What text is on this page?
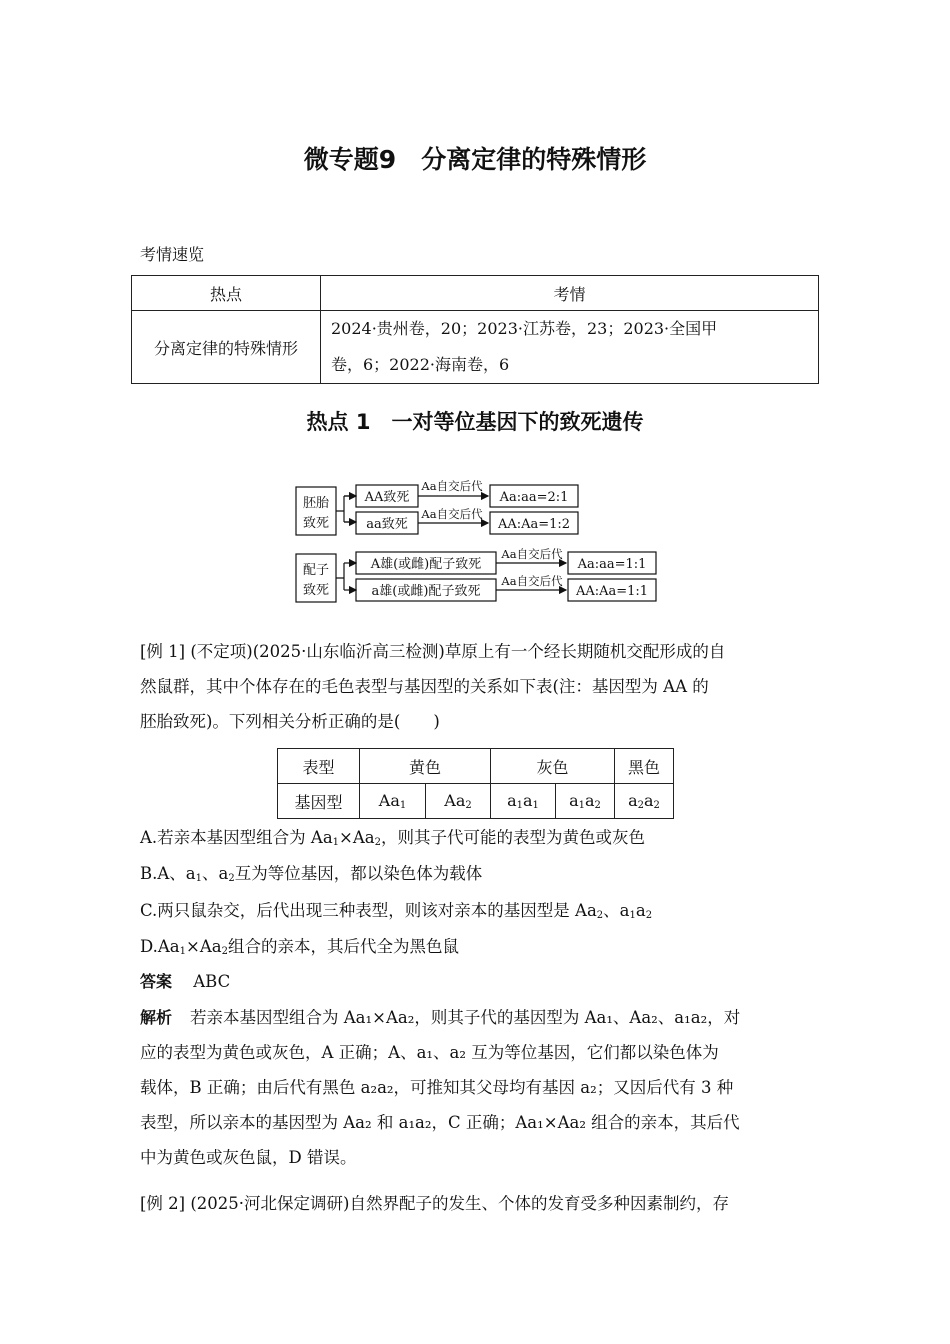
微专题9　分离定律的特殊情形
考情速览
热点	考情
分离定律的特殊情形	2024·贵州卷，20；2023·江苏卷，23；2023·全国甲
卷，6；2022·海南卷，6
热点 1　一对等位基因下的致死遗传
胚胎
致死
AA致死
aa致死
Aa自交后代
Aa自交后代
Aa:aa=2:1
AA:Aa=1:2
配子
致死
A雄(或雌)配子致死
a雄(或雌)配子致死
Aa自交后代
Aa自交后代
Aa:aa=1:1
AA:Aa=1:1
[例 1] (不定项)(2025·山东临沂高三检测)草原上有一个经长期随机交配形成的自
然鼠群，其中个体存在的毛色表型与基因型的关系如下表(注：基因型为 AA 的
胚胎致死)。下列相关分析正确的是(　　)
表型	黄色		灰色		黑色
基因型	$Aa_1$	$Aa_2$	$a_1a_1$	$a_1a_2$	$a_2a_2$
A.若亲本基因型组合为 $Aa_1\times Aa_2$，则其子代可能的表型为黄色或灰色
B.A、$a_1$、$a_2$互为等位基因，都以染色体为载体
C.两只鼠杂交，后代出现三种表型，则该对亲本的基因型是 $Aa_2$、$a_1a_2$
$D.Aa_1\times Aa_2$组合的亲本，其后代全为黑色鼠
答案 ABC
解析 若亲本基因型组合为 Aa₁×Aa₂，则其子代的基因型为 Aa₁、Aa₂、a₁a₂，对
应的表型为黄色或灰色，A 正确；A、a₁、a₂ 互为等位基因，它们都以染色体为
载体，B 正确；由后代有黑色 a₂a₂，可推知其父母均有基因 a₂；又因后代有 3 种
表型，所以亲本的基因型为 Aa₂ 和 a₁a₂，C 正确；Aa₁×Aa₂ 组合的亲本，其后代
中为黄色或灰色鼠，D 错误。
[例 2] (2025·河北保定调研)自然界配子的发生、个体的发育受多种因素制约，存
